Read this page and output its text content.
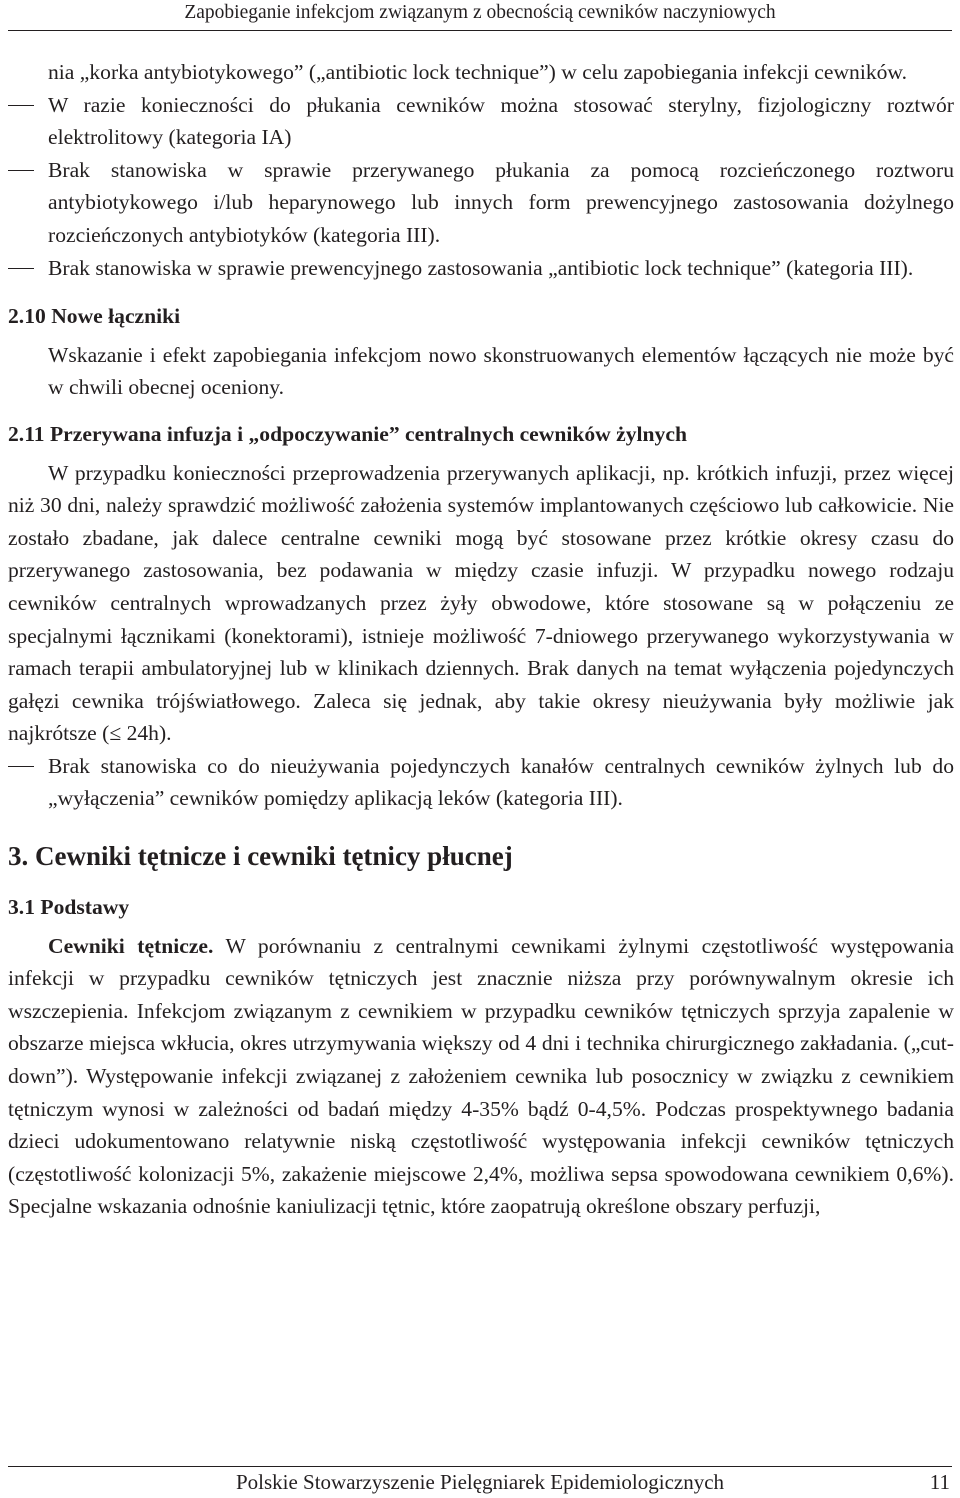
Zapobieganie infekcjom związanym z obecnością cewników naczyniowych

nia „korka antybiotykowego” („antibiotic lock technique”) w celu zapobiegania infekcji cewników.

W razie konieczności do płukania cewników można stosować sterylny, fizjologiczny roztwór elektrolitowy (kategoria IA)
Brak stanowiska w sprawie przerywanego płukania za pomocą rozcieńczonego roztworu antybiotykowego i/lub heparynowego lub innych form prewencyjnego zastosowania dożylnego rozcieńczonych antybiotyków (kategoria III).
Brak stanowiska w sprawie prewencyjnego zastosowania „antibiotic lock technique” (kategoria III).
2.10 Nowe łączniki

Wskazanie i efekt zapobiegania infekcjom nowo skonstruowanych elementów łączących nie może być w chwili obecnej oceniony.

2.11 Przerywana infuzja i „odpoczywanie” centralnych cewników żylnych

W przypadku konieczności przeprowadzenia przerywanych aplikacji, np. krótkich infuzji, przez więcej niż 30 dni, należy sprawdzić możliwość założenia systemów implantowanych częściowo lub całkowicie. Nie zostało zbadane, jak dalece centralne cewniki mogą być stosowane przez krótkie okresy czasu do przerywanego zastosowania, bez podawania w między czasie infuzji. W przypadku nowego rodzaju cewników centralnych wprowadzanych przez żyły obwodowe, które stosowane są w połączeniu ze specjalnymi łącznikami (konektorami), istnieje możliwość 7-dniowego przerywanego wykorzystywania w ramach terapii ambulatoryjnej lub w klinikach dziennych. Brak danych na temat wyłączenia pojedynczych gałęzi cewnika trójświatłowego. Zaleca się jednak, aby takie okresy nieużywania były możliwie jak najkrótsze (≤ 24h).

Brak stanowiska co do nieużywania pojedynczych kanałów centralnych cewników żylnych lub do „wyłączenia” cewników pomiędzy aplikacją leków (kategoria III).
3. Cewniki tętnicze i cewniki tętnicy płucnej
3.1 Podstawy

Cewniki tętnicze. W porównaniu z centralnymi cewnikami żylnymi częstotliwość występowania infekcji w przypadku cewników tętniczych jest znacznie niższa przy porównywalnym okresie ich wszczepienia. Infekcjom związanym z cewnikiem w przypadku cewników tętniczych sprzyja zapalenie w obszarze miejsca wkłucia, okres utrzymywania większy od 4 dni i technika chirurgicznego zakładania. („cut-down”). Występowanie infekcji związanej z założeniem cewnika lub posocznicy w związku z cewnikiem tętniczym wynosi w zależności od badań między 4-35% bądź 0-4,5%. Podczas prospektywnego badania dzieci udokumentowano relatywnie niską częstotliwość występowania infekcji cewników tętniczych (częstotliwość kolonizacji 5%, zakażenie miejscowe 2,4%, możliwa sepsa spowodowana cewnikiem 0,6%). Specjalne wskazania odnośnie kaniulizacji tętnic, które zaopatrują określone obszary perfuzji,

Polskie Stowarzyszenie Pielęgniarek Epidemiologicznych	11
